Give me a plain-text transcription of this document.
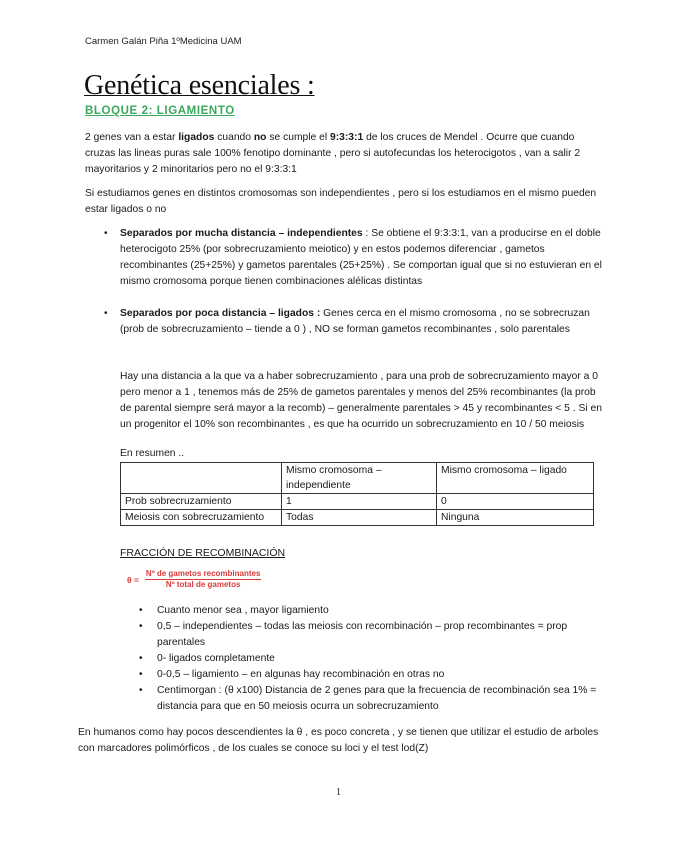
Carmen Galán Piña 1ºMedicina UAM
Genética esenciales :
BLOQUE 2: LIGAMIENTO
2 genes van a estar ligados cuando no se cumple el 9:3:3:1 de los cruces de Mendel . Ocurre que cuando cruzas las lineas puras sale 100% fenotipo dominante , pero si autofecundas los heterocigotos , van a salir 2 mayoritarios y 2 minoritarios pero no el 9:3:3:1
Si estudiamos genes en distintos cromosomas son independientes , pero si los estudiamos en el mismo pueden estar ligados o no
• Separados por mucha distancia – independientes : Se obtiene el 9:3:3:1, van a producirse en el doble heterocigoto 25% (por sobrecruzamiento meiotico) y en estos podemos diferenciar , gametos recombinantes (25+25%) y gametos parentales (25+25%) . Se comportan igual que si no estuvieran en el mismo cromosoma porque tienen combinaciones alélicas distintas
• Separados por poca distancia – ligados : Genes cerca en el mismo cromosoma , no se sobrecruzan (prob de sobrecruzamiento – tiende a 0 ) , NO se forman gametos recombinantes , solo parentales
Hay una distancia a la que va a haber sobrecruzamiento , para una prob de sobrecruzamiento mayor a 0 pero menor a 1 , tenemos más de 25% de gametos parentales y menos del 25% recombinantes (la prob de parental siempre será mayor a la recomb) – generalmente parentales > 45 y recombinantes < 5 . Si en un progenitor el 10% son recombinantes , es que ha ocurrido un sobrecruzamiento en 10 / 50 meiosis
En resumen ..
	Mismo cromosoma – independiente	Mismo cromosoma – ligado
Prob sobrecruzamiento	1	0
Meiosis con sobrecruzamiento	Todas	Ninguna
FRACCIÓN DE RECOMBINACIÓN
$\theta = \frac{\text{Nº de gametos recombinantes}}{\text{Nº total de gametos}}$
• Cuanto menor sea , mayor ligamiento
• 0,5 – independientes – todas las meiosis con recombinación – prop recombinantes = prop parentales
• 0- ligados completamente
• 0-0,5 – ligamiento – en algunas hay recombinación en otras no
• Centimorgan : (θ x100) Distancia de 2 genes para que la frecuencia de recombinación sea 1% = distancia para que en 50 meiosis ocurra un sobrecruzamiento
En humanos como hay pocos descendientes la θ , es poco concreta , y se tienen que utilizar el estudio de arboles con marcadores polimórficos , de los cuales se conoce su loci y el test lod(Z)
1
